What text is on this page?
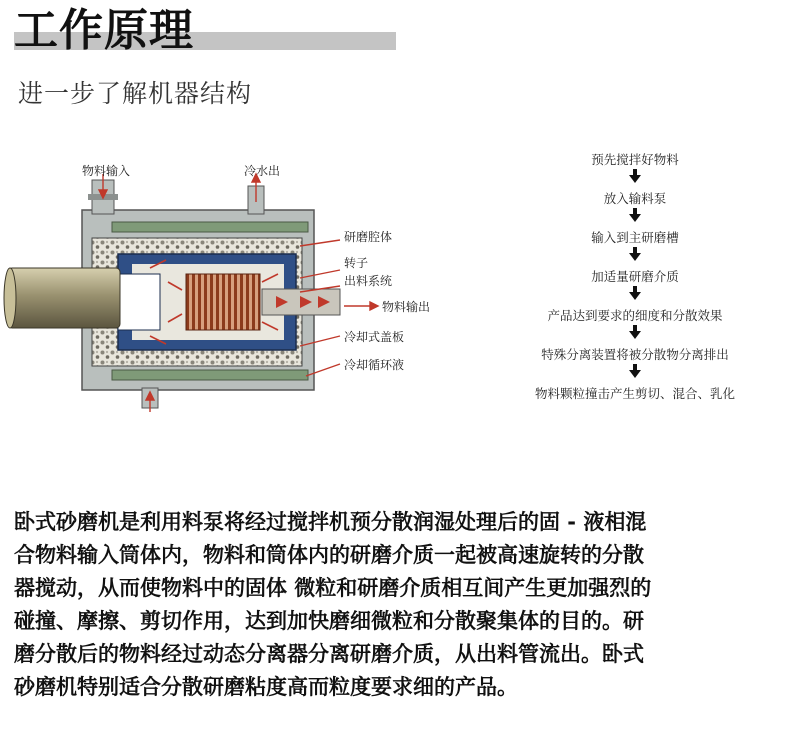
工作原理
进一步了解机器结构
物料输入	冷水出
研磨腔体
转子
出料系统
物料输出
冷却式盖板
冷却循环液
预先搅拌好物料
放入输料泵
输入到主研磨槽
加适量研磨介质
产品达到要求的细度和分散效果
特殊分离装置将被分散物分离排出
物料颗粒撞击产生剪切、混合、乳化
卧式砂磨机是利用料泵将经过搅拌机预分散润湿处理后的固 - 液相混
合物料输入筒体内，物料和筒体内的研磨介质一起被高速旋转的分散
器搅动，从而使物料中的固体 微粒和研磨介质相互间产生更加强烈的
碰撞、摩擦、剪切作用，达到加快磨细微粒和分散聚集体的目的。研
磨分散后的物料经过动态分离器分离研磨介质，从出料管流出。卧式
砂磨机特别适合分散研磨粘度高而粒度要求细的产品。
